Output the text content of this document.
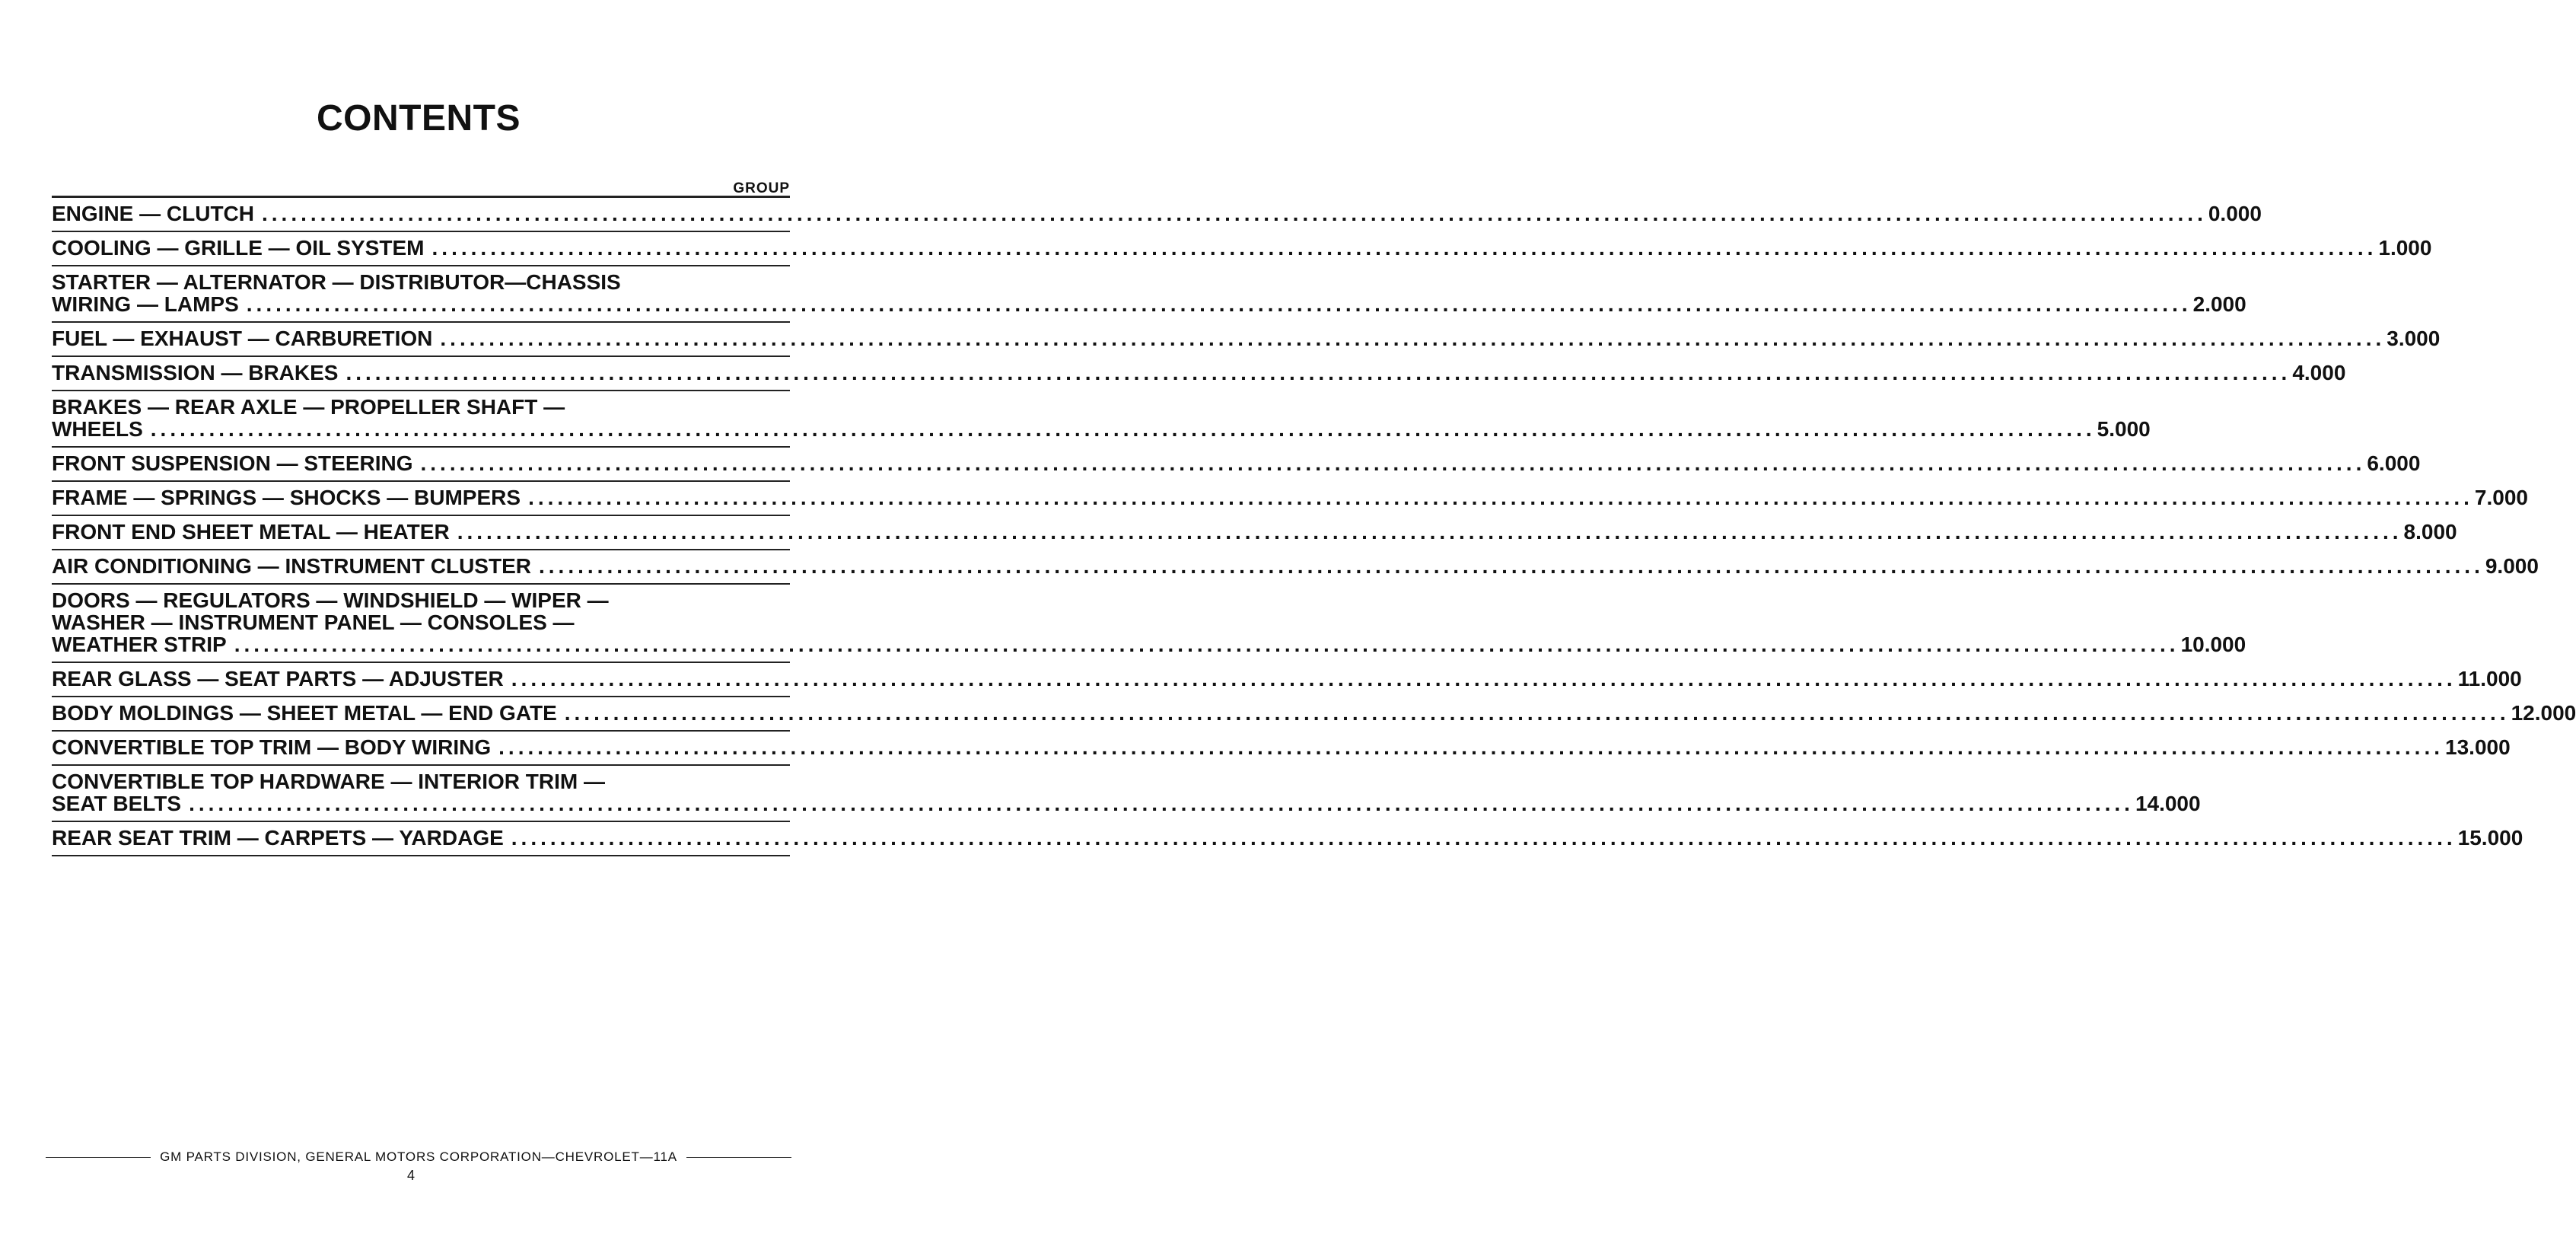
CONTENTS
GROUP
ENGINE — CLUTCH ........................................................................................................................................................................................................ 0.000
COOLING — GRILLE — OIL SYSTEM ........................................................................................................................................................................................................ 1.000
STARTER — ALTERNATOR — DISTRIBUTOR—CHASSIS
WIRING — LAMPS ........................................................................................................................................................................................................ 2.000
FUEL — EXHAUST — CARBURETION ........................................................................................................................................................................................................ 3.000
TRANSMISSION — BRAKES ........................................................................................................................................................................................................ 4.000
BRAKES — REAR AXLE — PROPELLER SHAFT —
WHEELS ........................................................................................................................................................................................................ 5.000
FRONT SUSPENSION — STEERING ........................................................................................................................................................................................................ 6.000
FRAME — SPRINGS — SHOCKS — BUMPERS ........................................................................................................................................................................................................ 7.000
FRONT END SHEET METAL — HEATER ........................................................................................................................................................................................................ 8.000
AIR CONDITIONING — INSTRUMENT CLUSTER ........................................................................................................................................................................................................ 9.000
DOORS — REGULATORS — WINDSHIELD — WIPER —
WASHER — INSTRUMENT PANEL — CONSOLES —
WEATHER STRIP ........................................................................................................................................................................................................ 10.000
REAR GLASS — SEAT PARTS — ADJUSTER ........................................................................................................................................................................................................ 11.000
BODY MOLDINGS — SHEET METAL — END GATE ........................................................................................................................................................................................................ 12.000
CONVERTIBLE TOP TRIM — BODY WIRING ........................................................................................................................................................................................................ 13.000
CONVERTIBLE TOP HARDWARE — INTERIOR TRIM —
SEAT BELTS ........................................................................................................................................................................................................ 14.000
REAR SEAT TRIM — CARPETS — YARDAGE ........................................................................................................................................................................................................ 15.000
GM PARTS DIVISION, GENERAL MOTORS CORPORATION—CHEVROLET—11A
4
